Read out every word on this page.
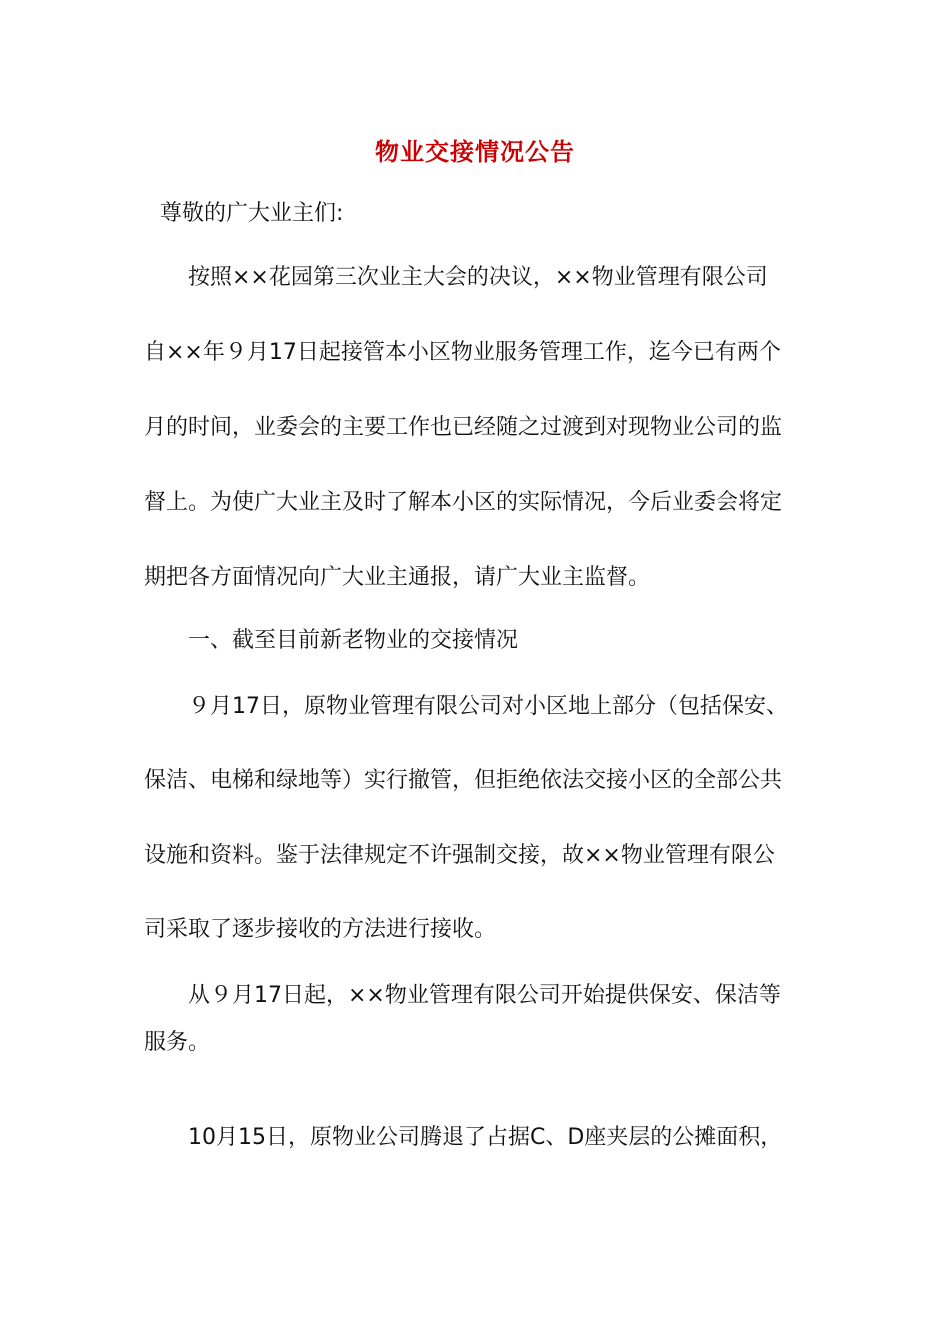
物业交接情况公告
尊敬的广大业主们:
按照××花园第三次业主大会的决议，××物业管理有限公司
自××年９月17日起接管本小区物业服务管理工作，迄今已有两个
月的时间，业委会的主要工作也已经随之过渡到对现物业公司的监
督上。为使广大业主及时了解本小区的实际情况，今后业委会将定
期把各方面情况向广大业主通报，请广大业主监督。
一、截至目前新老物业的交接情况
９月17日，原物业管理有限公司对小区地上部分（包括保安、
保洁、电梯和绿地等）实行撤管，但拒绝依法交接小区的全部公共
设施和资料。鉴于法律规定不许强制交接，故××物业管理有限公
司采取了逐步接收的方法进行接收。
从９月17日起，××物业管理有限公司开始提供保安、保洁等
服务。
10月15日，原物业公司腾退了占据C、D座夹层的公摊面积，
